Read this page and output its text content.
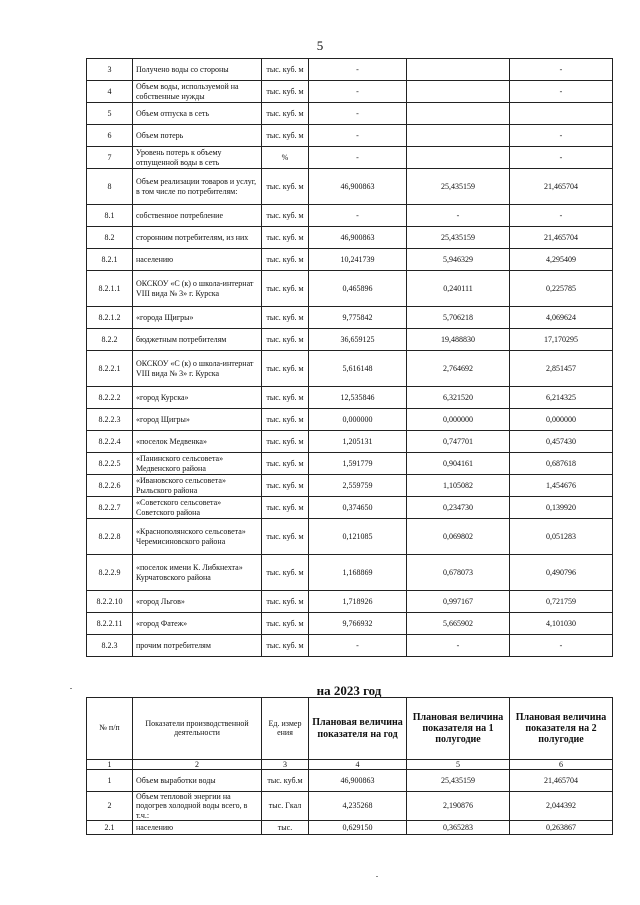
5
3	Получено воды со стороны	тыс. куб. м	-		-
4	Объем воды, используемой на собственные нужды	тыс. куб. м	-		-
5	Объем отпуска в сеть	тыс. куб. м	-		
6	Объем потерь	тыс. куб. м	-		-
7	Уровень потерь к объему отпущенной воды в сеть	%	-		-
8	Объем реализации товаров и услуг, в том числе по потребителям:	тыс. куб. м	46,900863	25,435159	21,465704
8.1	собственное потребление	тыс. куб. м	-	-	-
8.2	сторонним потребителям, из них	тыс. куб. м	46,900863	25,435159	21,465704
8.2.1	населению	тыс. куб. м	10,241739	5,946329	4,295409
8.2.1.1	ОКСКОУ «С (к) о школа-интернат VIII вида № 3» г. Курска	тыс. куб. м	0,465896	0,240111	0,225785
8.2.1.2	«города Щигры»	тыс. куб. м	9,775842	5,706218	4,069624
8.2.2	бюджетным потребителям	тыс. куб. м	36,659125	19,488830	17,170295
8.2.2.1	ОКСКОУ «С (к) о школа-интернат VIII вида № 3» г. Курска	тыс. куб. м	5,616148	2,764692	2,851457
8.2.2.2	«город Курска»	тыс. куб. м	12,535846	6,321520	6,214325
8.2.2.3	«город Щигры»	тыс. куб. м	0,000000	0,000000	0,000000
8.2.2.4	«поселок Медвенка»	тыс. куб. м	1,205131	0,747701	0,457430
8.2.2.5	«Панинского сельсовета» Медвенского района	тыс. куб. м	1,591779	0,904161	0,687618
8.2.2.6	«Ивановского сельсовета» Рыльского района	тыс. куб. м	2,559759	1,105082	1,454676
8.2.2.7	«Советского сельсовета» Советского района	тыс. куб. м	0,374650	0,234730	0,139920
8.2.2.8	«Краснополянского сельсовета» Черемисиновского района	тыс. куб. м	0,121085	0,069802	0,051283
8.2.2.9	«поселок имени К. Либкнехта» Курчатовского района	тыс. куб. м	1,168869	0,678073	0,490796
8.2.2.10	«город Льгов»	тыс. куб. м	1,718926	0,997167	0,721759
8.2.2.11	«город Фатеж»	тыс. куб. м	9,766932	5,665902	4,101030
8.2.3	прочим потребителям	тыс. куб. м	-	-	-
на 2023 год
№ п/п	Показатели производственной деятельности	Ед. измер ения	Плановая величина показателя на год	Плановая величина показателя на 1 полугодие	Плановая величина показателя на 2 полугодие
1	2	3	4	5	6
1	Объем выработки воды	тыс. куб.м	46,900863	25,435159	21,465704
2	Объем тепловой энергии на подогрев холодной воды всего, в т.ч.:	тыс. Гкал	4,235268	2,190876	2,044392
2.1	населению	тыс.	0,629150	0,365283	0,263867
